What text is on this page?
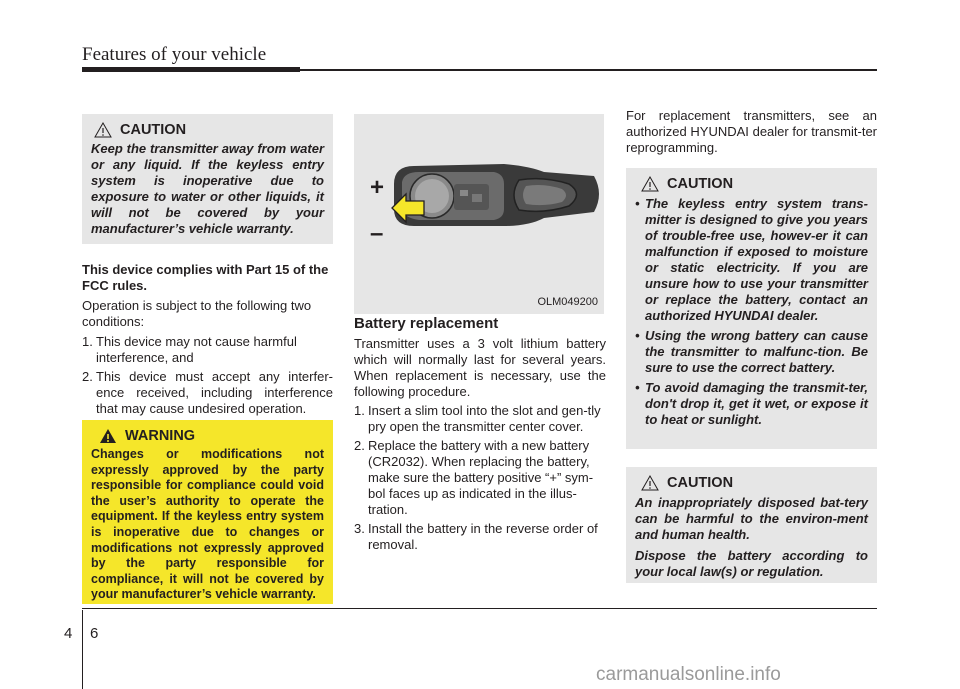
Features of your vehicle
CAUTION
Keep the transmitter away from water or any liquid. If the keyless entry system is inoperative due to exposure to water or other liquids, it will not be covered by your manufacturer’s vehicle warranty.
This device complies with Part 15 of the FCC rules.
Operation is subject to the following two conditions:
1. This device may not cause harmful interference, and
2. This device must accept any interfer-ence received, including interference that may cause undesired operation.
WARNING
Changes or modifications not expressly approved by the party responsible for compliance could void the user’s authority to operate the equipment. If the keyless entry system is inoperative due to changes or modifications not expressly approved by the party responsible for compliance, it will not be covered by your manufacturer’s vehicle warranty.
+
–
OLM049200
Battery replacement
Transmitter uses a 3 volt lithium battery which will normally last for several years. When replacement is necessary, use the following procedure.
1. Insert a slim tool into the slot and gen-tly pry open the transmitter center cover.
2. Replace the battery with a new battery (CR2032). When replacing the battery, make sure the battery positive “+” sym-bol faces up as indicated in the illus-tration.
3. Install the battery in the reverse order of removal.
For replacement transmitters, see an authorized HYUNDAI dealer for transmit-ter reprogramming.
CAUTION
• The keyless entry system trans-mitter is designed to give you years of trouble-free use, howev-er it can malfunction if exposed to moisture or static electricity. If you are unsure how to use your transmitter or replace the battery, contact an authorized HYUNDAI dealer.
• Using the wrong battery can cause the transmitter to malfunc-tion. Be sure to use the correct battery.
• To avoid damaging the transmit-ter, don't drop it, get it wet, or expose it to heat or sunlight.
CAUTION
An inappropriately disposed bat-tery can be harmful to the environ-ment and human health.
Dispose the battery according to your local law(s) or regulation.
4 6
carmanualsonline.info
